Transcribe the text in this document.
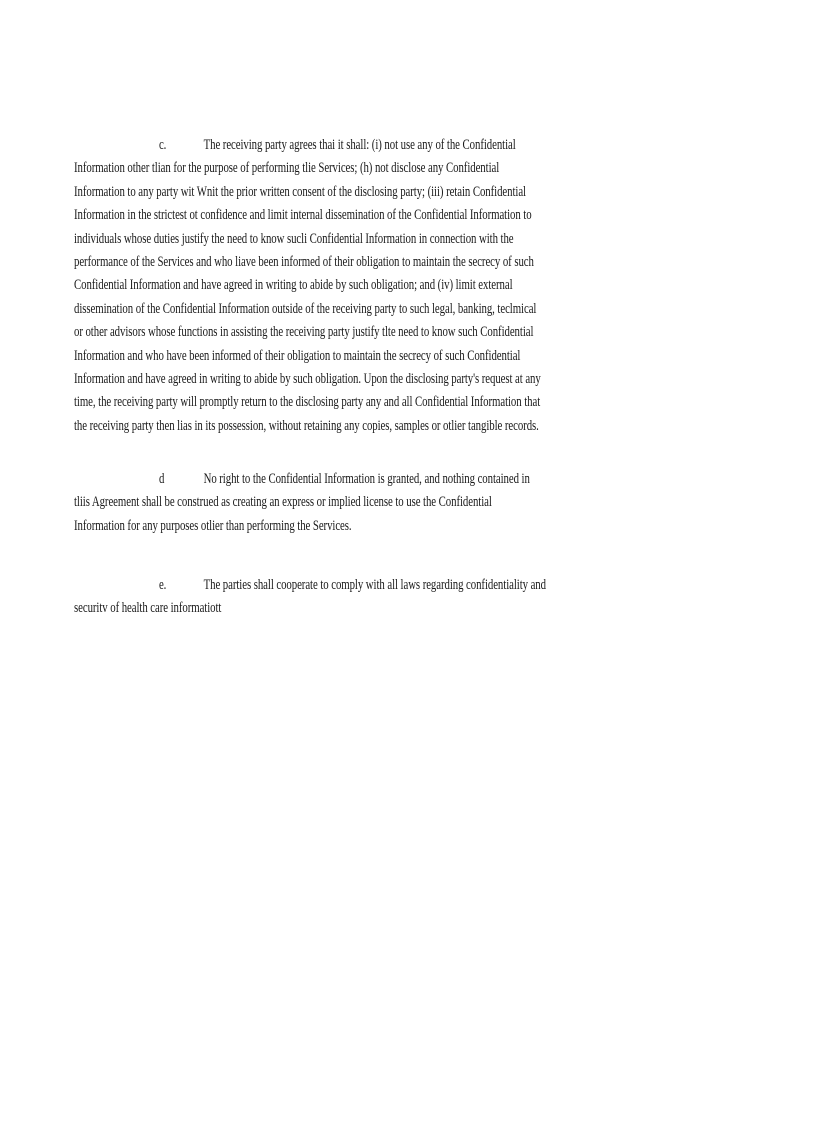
c. The receiving party agrees thai it shall: (i) not use any of the Confidential
Information other tlian for the purpose of performing tlie Services; (h) not disclose any Confidential
Information to any party wit Wnit the prior written consent of the disclosing party; (iii) retain Confidential
Information in the strictest ot confidence and limit internal dissemination of the Confidential Information to
individuals whose duties justify the need to know sucli Confidential Information in connection with the
performance of the Services and who liave been informed of their obligation to maintain the secrecy of such
Confidential Information and have agreed in writing to abide by such obligation; and (iv) limit external
dissemination of the Confidential Information outside of the receiving party to such legal, banking, teclmical
or other advisors whose functions in assisting the receiving party justify tlte need to know such Confidential
Information and who have been informed of their obligation to maintain the secrecy of such Confidential
Information and have agreed in writing to abide by such obligation. Upon the disclosing party's request at any
time, the receiving party will promptly return to the disclosing party any and all Confidential Information that
the receiving party then lias in its possession, without retaining any copies, samples or otlier tangible records.
d	No right to the Confidential Information is granted, and nothing contained in
tliis Agreement shall be construed as creating an express or implied license to use the Confidential
Information for any purposes otlier than performing the Services.
e. The parties shall cooperate to comply with all laws regarding confidentiality and
securitv of health care informatiott
